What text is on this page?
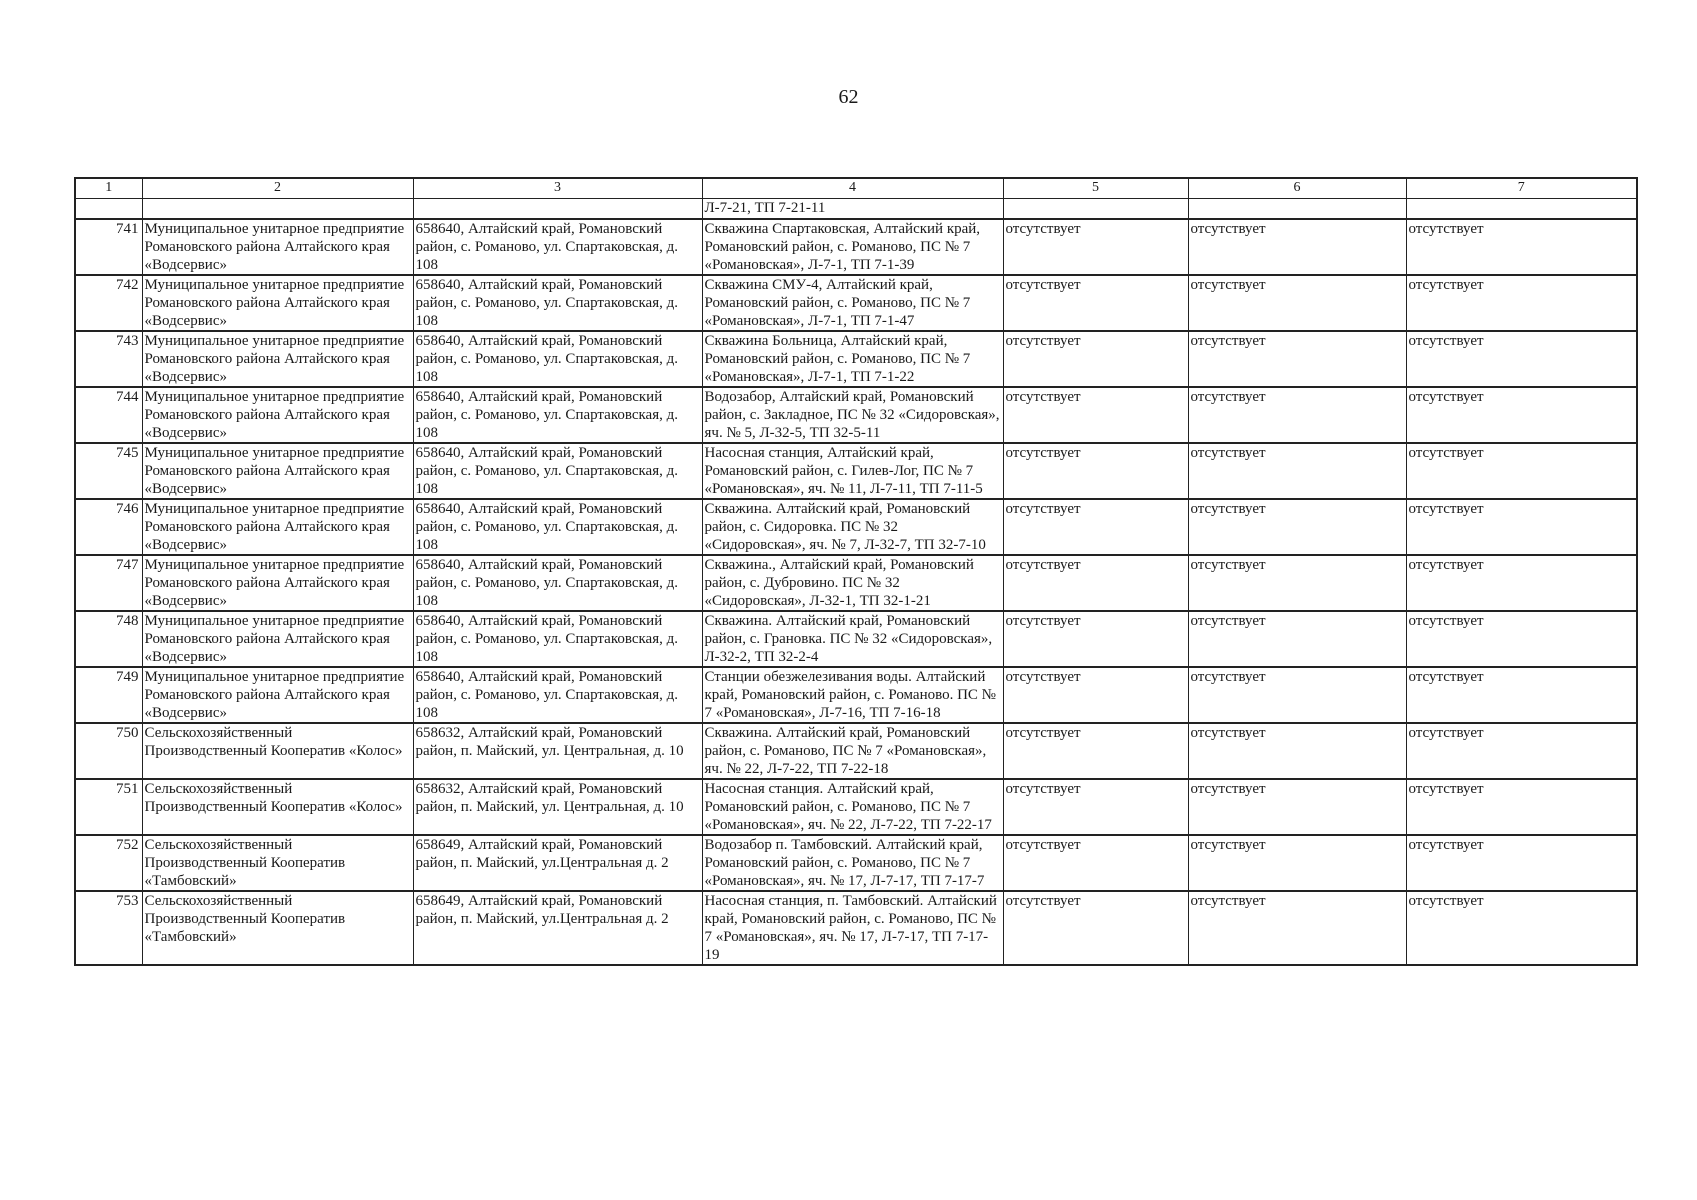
62
1	2	3	4	5	6	7
			Л-7-21, ТП 7-21-11			
741	Муниципальное унитарное предприятие Романовского района Алтайского края «Водсервис»	658640, Алтайский край, Романовский район, с. Романово, ул. Спартаковская, д. 108	Скважина Спартаковская, Алтайский край, Романовский район, с. Романово, ПС № 7 «Романовская», Л-7-1, ТП 7-1-39	отсутствует	отсутствует	отсутствует
742	Муниципальное унитарное предприятие Романовского района Алтайского края «Водсервис»	658640, Алтайский край, Романовский район, с. Романово, ул. Спартаковская, д. 108	Скважина СМУ-4, Алтайский край, Романовский район, с. Романово, ПС № 7 «Романовская», Л-7-1, ТП 7-1-47	отсутствует	отсутствует	отсутствует
743	Муниципальное унитарное предприятие Романовского района Алтайского края «Водсервис»	658640, Алтайский край, Романовский район, с. Романово, ул. Спартаковская, д. 108	Скважина Больница, Алтайский край, Романовский район, с. Романово, ПС № 7 «Романовская», Л-7-1, ТП 7-1-22	отсутствует	отсутствует	отсутствует
744	Муниципальное унитарное предприятие Романовского района Алтайского края «Водсервис»	658640, Алтайский край, Романовский район, с. Романово, ул. Спартаковская, д. 108	Водозабор, Алтайский край, Романовский район, с. Закладное, ПС № 32 «Сидоровская», яч. № 5, Л-32-5, ТП 32-5-11	отсутствует	отсутствует	отсутствует
745	Муниципальное унитарное предприятие Романовского района Алтайского края «Водсервис»	658640, Алтайский край, Романовский район, с. Романово, ул. Спартаковская, д. 108	Насосная станция, Алтайский край, Романовский район, с. Гилев-Лог, ПС № 7 «Романовская», яч. № 11, Л-7-11, ТП 7-11-5	отсутствует	отсутствует	отсутствует
746	Муниципальное унитарное предприятие Романовского района Алтайского края «Водсервис»	658640, Алтайский край, Романовский район, с. Романово, ул. Спартаковская, д. 108	Скважина. Алтайский край, Романовский район, с. Сидоровка. ПС № 32 «Сидоровская», яч. № 7, Л-32-7, ТП 32-7-10	отсутствует	отсутствует	отсутствует
747	Муниципальное унитарное предприятие Романовского района Алтайского края «Водсервис»	658640, Алтайский край, Романовский район, с. Романово, ул. Спартаковская, д. 108	Скважина., Алтайский край, Романовский район, с. Дубровино. ПС № 32 «Сидоровская», Л-32-1, ТП 32-1-21	отсутствует	отсутствует	отсутствует
748	Муниципальное унитарное предприятие Романовского района Алтайского края «Водсервис»	658640, Алтайский край, Романовский район, с. Романово, ул. Спартаковская, д. 108	Скважина. Алтайский край, Романовский район, с. Грановка. ПС № 32 «Сидоровская», Л-32-2, ТП 32-2-4	отсутствует	отсутствует	отсутствует
749	Муниципальное унитарное предприятие Романовского района Алтайского края «Водсервис»	658640, Алтайский край, Романовский район, с. Романово, ул. Спартаковская, д. 108	Станции обезжелезивания воды. Алтайский край, Романовский район, с. Романово. ПС № 7 «Романовская», Л-7-16, ТП 7-16-18	отсутствует	отсутствует	отсутствует
750	Сельскохозяйственный Производственный Кооператив «Колос»	658632, Алтайский край, Романовский район, п. Майский, ул. Центральная, д. 10	Скважина. Алтайский край, Романовский район, с. Романово, ПС № 7 «Романовская», яч. № 22, Л-7-22, ТП 7-22-18	отсутствует	отсутствует	отсутствует
751	Сельскохозяйственный Производственный Кооператив «Колос»	658632, Алтайский край, Романовский район, п. Майский, ул. Центральная, д. 10	Насосная станция. Алтайский край, Романовский район, с. Романово, ПС № 7 «Романовская», яч. № 22, Л-7-22, ТП 7-22-17	отсутствует	отсутствует	отсутствует
752	Сельскохозяйственный Производственный Кооператив «Тамбовский»	658649, Алтайский край, Романовский район, п. Майский, ул.Центральная д. 2	Водозабор п. Тамбовский. Алтайский край, Романовский район, с. Романово, ПС № 7 «Романовская», яч. № 17, Л-7-17, ТП 7-17-7	отсутствует	отсутствует	отсутствует
753	Сельскохозяйственный Производственный Кооператив «Тамбовский»	658649, Алтайский край, Романовский район, п. Майский, ул.Центральная д. 2	Насосная станция, п. Тамбовский. Алтайский край, Романовский район, с. Романово, ПС № 7 «Романовская», яч. № 17, Л-7-17, ТП 7-17-19	отсутствует	отсутствует	отсутствует
